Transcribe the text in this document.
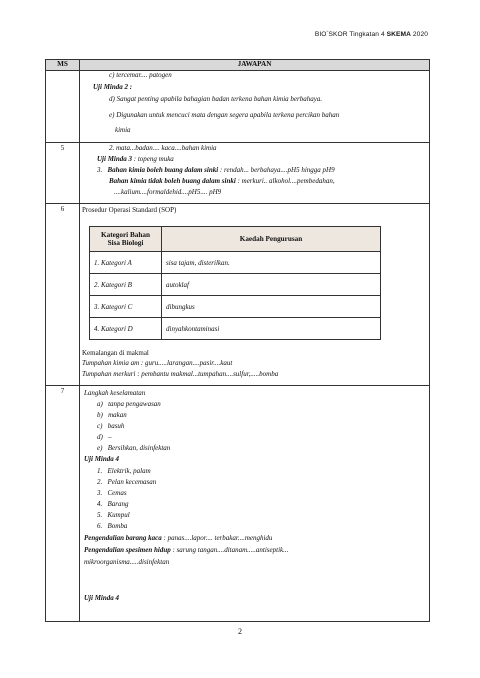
BIO^SKOR Tingkatan 4 SKEMA 2020
MS	JAWAPAN

c) tercemar.... patogen
Uji Minda 2 :
d) Sangat penting apabila bahagian badan terkena bahan kimia berbahaya.
e) Digunakan untuk mencuci mata dengan segera apabila terkena percikan bahan
kimia

5	2. mata...badan.... kaca....bahan kimia
Uji Minda 3 : topeng muka
3. Bahan kimia boleh buang dalam sinki : rendah... berbahaya....pH5 hingga pH9
Bahan kimia tidak boleh buang dalam sinki : merkuri.. alkohol....pembedahan,
....kalium....formaldehid....pH5.... pH9

6	Prosedur Operasi Standard (SOP)
Kategori Bahan
Sisa Biologi	Kaedah Pengurusan
1. Kategori A	sisa tajam, disterilkan.
2. Kategori B	autoklaf
3. Kategori C	dibungkus
4. Kategori D	dinyahkontaminasi
Kemalangan di makmal
Tumpahan kimia am : guru.....larangan....pasir....kaut
Tumpahan merkuri : pembantu makmal...tumpahan....sulfur,.....bomba

7	Langkah keselamatan
a) tanpa pengawasan
b) makan
c) basuh
d) –
e) Bersihkan, disinfektan
Uji Minda 4
1. Elektrik, palam
2. Pelan kecemasan
3. Cemas
4. Barang
5. Kumpul
6. Bomba
Pengendalian barang kaca : panas....lapor.... terbakar....menghidu
Pengendalian spesimen hidup : sarung tangan....ditanam.....antiseptik...
mikroorganisma.....disinfektan
Uji Minda 4
2
